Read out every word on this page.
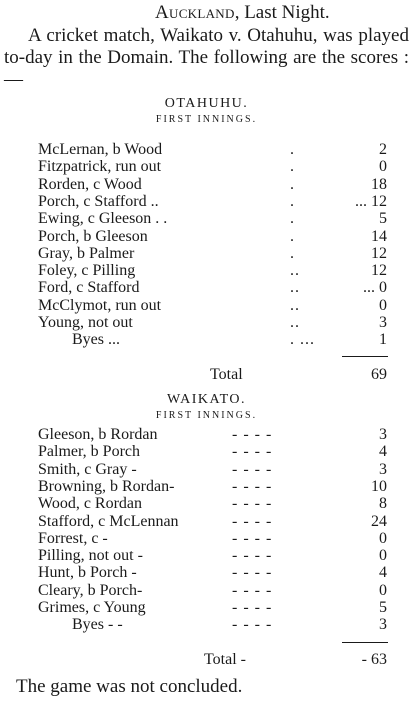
Auckland, Last Night.
A cricket match, Waikato v. Otahuhu, was played to-day in the Domain. The following are the scores :—
OTAHUHU.
FIRST INNINGS.
McLernan, b Wood	.	2
Fitzpatrick, run out	.	0
Rorden, c Wood	.	18
Porch, c Stafford ..	.	... 12
Ewing, c Gleeson . .	.	5
Porch, b Gleeson	.	14
Gray, b Palmer	.	12
Foley, c Pilling	..	12
Ford, c Stafford	..	... 0
McClymot, run out	..	0
Young, not out	..	3
Byes ...	. ...	1
Total	69
WAIKATO.
FIRST INNINGS.
Gleeson, b Rordan	- - - -	3
Palmer, b Porch	- - - -	4
Smith, c Gray -	- - - -	3
Browning, b Rordan-	- - - -	10
Wood, c Rordan	- - - -	8
Stafford, c McLennan	- - - -	24
Forrest, c -	- - - -	0
Pilling, not out -	- - - -	0
Hunt, b Porch -	- - - -	4
Cleary, b Porch-	- - - -	0
Grimes, c Young	- - - -	5
Byes - -	- - - -	3
Total -	- 63
The game was not concluded.
